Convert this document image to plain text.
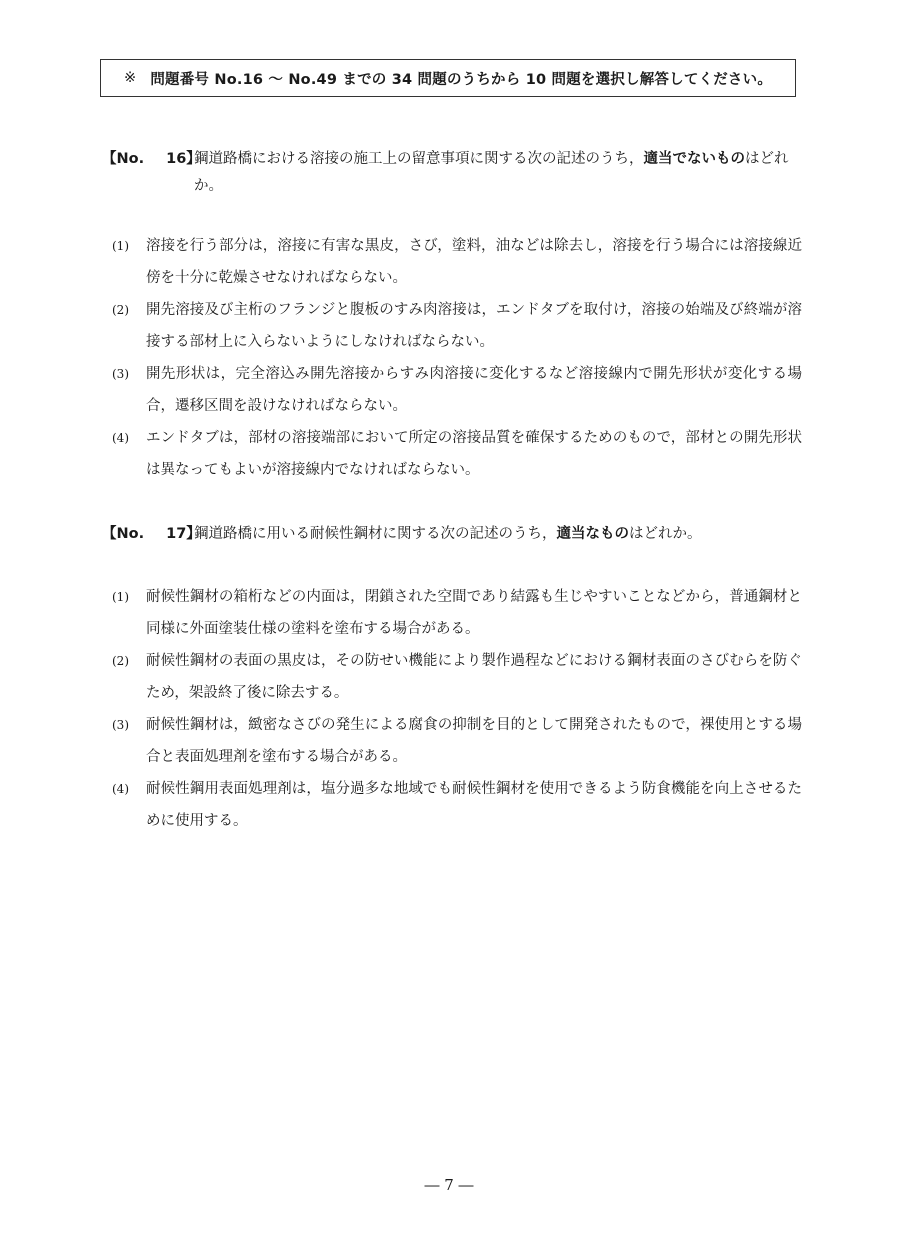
※ 問題番号 No.16 ～ No.49 までの 34 問題のうちから 10 問題を選択し解答してください。
【No. 16】
鋼道路橋における溶接の施工上の留意事項に関する次の記述のうち，適当でないものはどれか。
(1)	溶接を行う部分は，溶接に有害な黒皮，さび，塗料，油などは除去し，溶接を行う場合には溶接線近傍を十分に乾燥させなければならない。
(2)	開先溶接及び主桁のフランジと腹板のすみ肉溶接は，エンドタブを取付け，溶接の始端及び終端が溶接する部材上に入らないようにしなければならない。
(3)	開先形状は，完全溶込み開先溶接からすみ肉溶接に変化するなど溶接線内で開先形状が変化する場合，遷移区間を設けなければならない。
(4)	エンドタブは，部材の溶接端部において所定の溶接品質を確保するためのもので，部材との開先形状は異なってもよいが溶接線内でなければならない。
【No. 17】
鋼道路橋に用いる耐候性鋼材に関する次の記述のうち，適当なものはどれか。
(1)	耐候性鋼材の箱桁などの内面は，閉鎖された空間であり結露も生じやすいことなどから，普通鋼材と同様に外面塗装仕様の塗料を塗布する場合がある。
(2)	耐候性鋼材の表面の黒皮は，その防せい機能により製作過程などにおける鋼材表面のさびむらを防ぐため，架設終了後に除去する。
(3)	耐候性鋼材は，緻密なさびの発生による腐食の抑制を目的として開発されたもので，裸使用とする場合と表面処理剤を塗布する場合がある。
(4)	耐候性鋼用表面処理剤は，塩分過多な地域でも耐候性鋼材を使用できるよう防食機能を向上させるために使用する。
― 7 ―
